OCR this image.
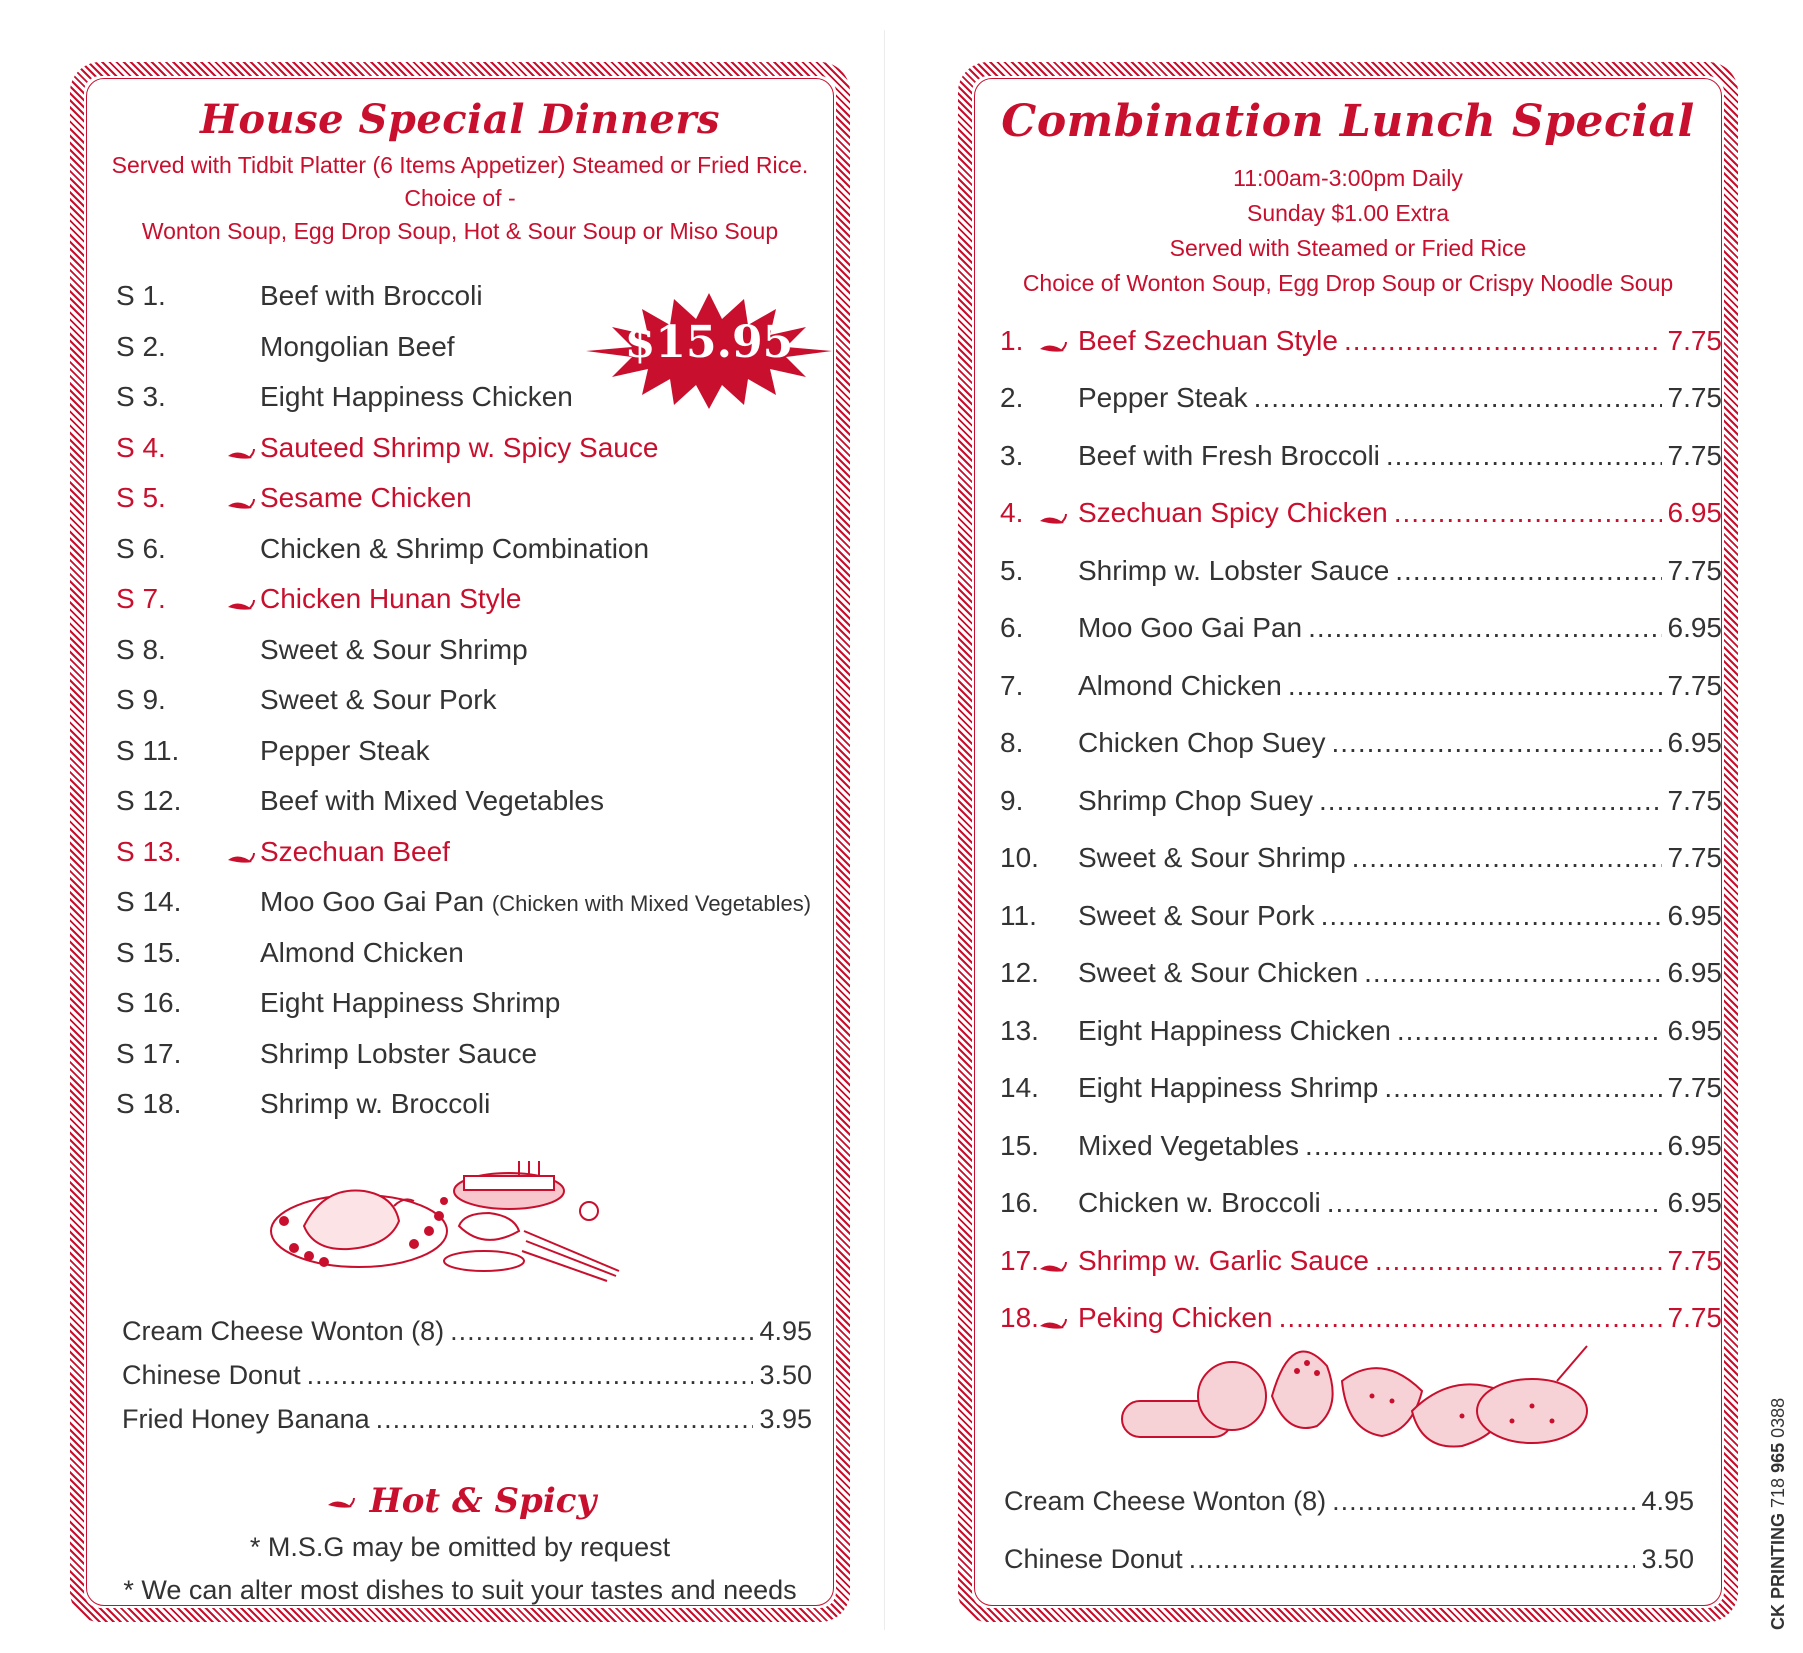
House Special Dinners
Served with Tidbit Platter (6 Items Appetizer) Steamed or Fried Rice.
Choice of -
Wonton Soup, Egg Drop Soup, Hot & Sour Soup or Miso Soup
$15.95
S 1.	Beef with Broccoli
S 2.	Mongolian Beef
S 3.	Eight Happiness Chicken
S 4.	Sauteed Shrimp w. Spicy Sauce
S 5.	Sesame Chicken
S 6.	Chicken & Shrimp Combination
S 7.	Chicken Hunan Style
S 8.	Sweet & Sour Shrimp
S 9.	Sweet & Sour Pork
S 11.	Pepper Steak
S 12.	Beef with Mixed Vegetables
S 13.	Szechuan Beef
S 14.	Moo Goo Gai Pan (Chicken with Mixed Vegetables)
S 15.	Almond Chicken
S 16.	Eight Happiness Shrimp
S 17.	Shrimp Lobster Sauce
S 18.	Shrimp w. Broccoli
Cream Cheese Wonton (8) .....	4.95
Chinese Donut .....	3.50
Fried Honey Banana .....	3.95
Hot & Spicy
* M.S.G may be omitted by request
* We can alter most dishes to suit your tastes and needs
Combination Lunch Special
11:00am-3:00pm Daily
Sunday $1.00 Extra
Served with Steamed or Fried Rice
Choice of Wonton Soup, Egg Drop Soup or Crispy Noodle Soup
1.	Beef Szechuan Style .....	7.75
2.	Pepper Steak .....	7.75
3.	Beef with Fresh Broccoli .....	7.75
4.	Szechuan Spicy Chicken .....	6.95
5.	Shrimp w. Lobster Sauce .....	7.75
6.	Moo Goo Gai Pan .....	6.95
7.	Almond Chicken .....	7.75
8.	Chicken Chop Suey .....	6.95
9.	Shrimp Chop Suey .....	7.75
10.	Sweet & Sour Shrimp .....	7.75
11.	Sweet & Sour Pork .....	6.95
12.	Sweet & Sour Chicken .....	6.95
13.	Eight Happiness Chicken .....	6.95
14.	Eight Happiness Shrimp .....	7.75
15.	Mixed Vegetables .....	6.95
16.	Chicken w. Broccoli .....	6.95
17.	Shrimp w. Garlic Sauce .....	7.75
18.	Peking Chicken .....	7.75
Cream Cheese Wonton (8) .....	4.95
Chinese Donut .....	3.50	CK PRINTING 718 965 0388
